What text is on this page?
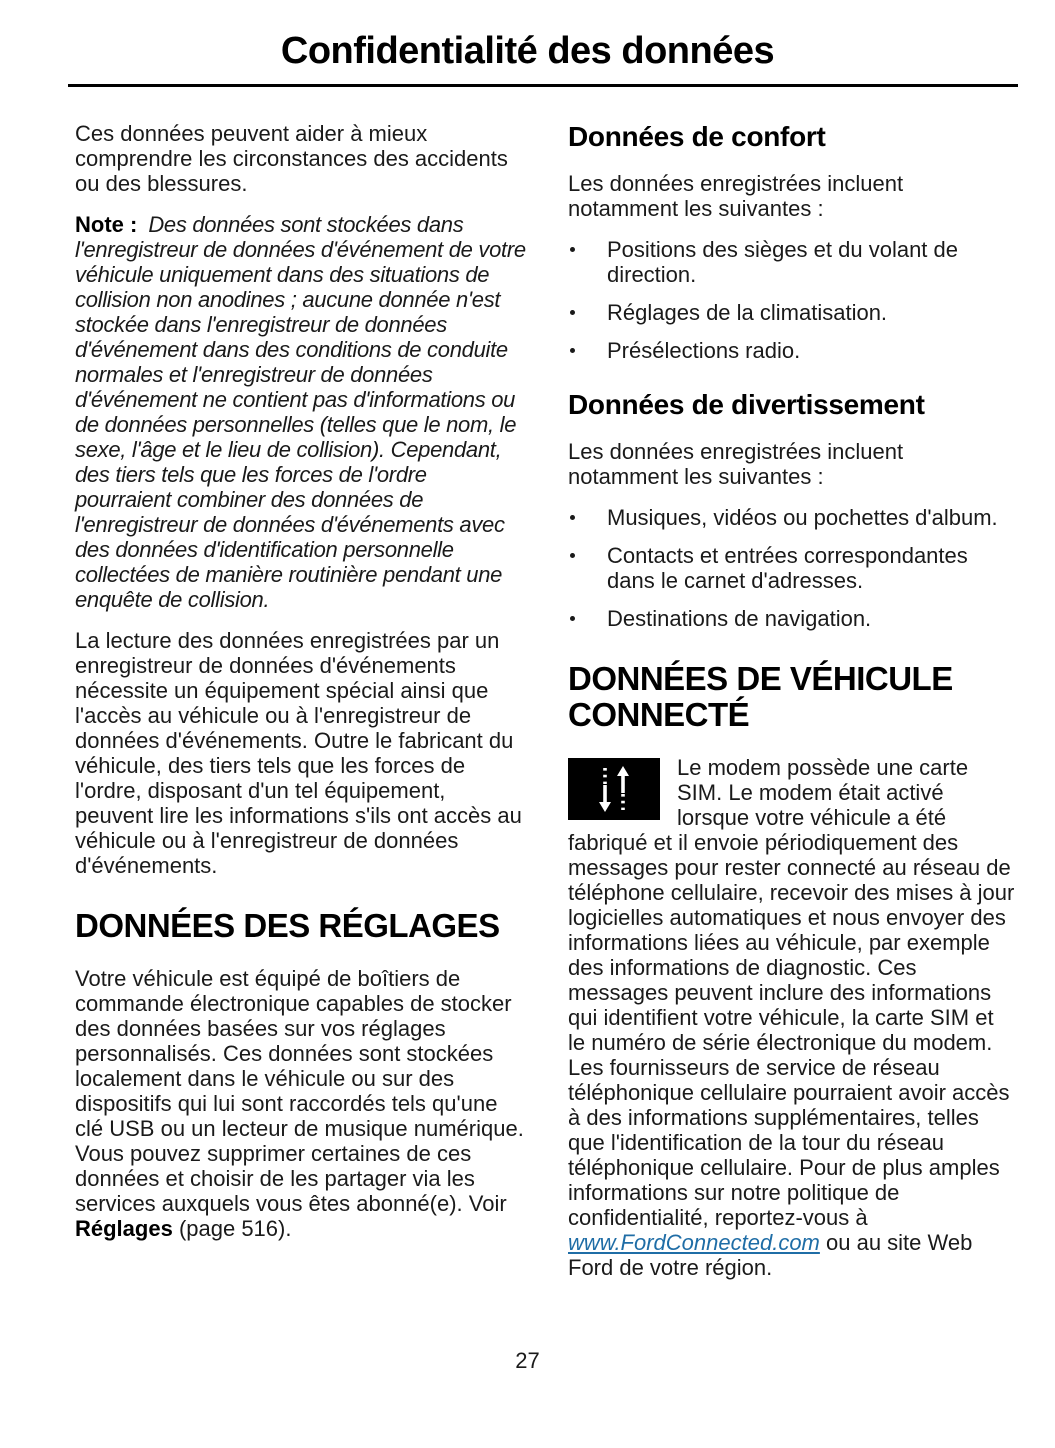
Confidentialité des données

Ces données peuvent aider à mieux comprendre les circonstances des accidents ou des blessures.

Note :  Des données sont stockées dans l'enregistreur de données d'événement de votre véhicule uniquement dans des situations de collision non anodines ; aucune donnée n'est stockée dans l'enregistreur de données d'événement dans des conditions de conduite normales et l'enregistreur de données d'événement ne contient pas d'informations ou de données personnelles (telles que le nom, le sexe, l'âge et le lieu de collision). Cependant, des tiers tels que les forces de l'ordre pourraient combiner des données de l'enregistreur de données d'événements avec des données d'identification personnelle collectées de manière routinière pendant une enquête de collision.

La lecture des données enregistrées par un enregistreur de données d'événements nécessite un équipement spécial ainsi que l'accès au véhicule ou à l'enregistreur de données d'événements. Outre le fabricant du véhicule, des tiers tels que les forces de l'ordre, disposant d'un tel équipement, peuvent lire les informations s'ils ont accès au véhicule ou à l'enregistreur de données d'événements.

DONNÉES DES RÉGLAGES

Votre véhicule est équipé de boîtiers de commande électronique capables de stocker des données basées sur vos réglages personnalisés. Ces données sont stockées localement dans le véhicule ou sur des dispositifs qui lui sont raccordés tels qu'une clé USB ou un lecteur de musique numérique. Vous pouvez supprimer certaines de ces données et choisir de les partager via les services auxquels vous êtes abonné(e). Voir Réglages (page 516).

Données de confort

Les données enregistrées incluent notamment les suivantes :

Positions des sièges et du volant de direction.
Réglages de la climatisation.
Présélections radio.
Données de divertissement

Les données enregistrées incluent notamment les suivantes :

Musiques, vidéos ou pochettes d'album.
Contacts et entrées correspondantes dans le carnet d'adresses.
Destinations de navigation.
DONNÉES DE VÉHICULE CONNECTÉ

Le modem possède une carte SIM. Le modem était activé lorsque votre véhicule a été fabriqué et il envoie périodiquement des messages pour rester connecté au réseau de téléphone cellulaire, recevoir des mises à jour logicielles automatiques et nous envoyer des informations liées au véhicule, par exemple des informations de diagnostic. Ces messages peuvent inclure des informations qui identifient votre véhicule, la carte SIM et le numéro de série électronique du modem. Les fournisseurs de service de réseau téléphonique cellulaire pourraient avoir accès à des informations supplémentaires, telles que l'identification de la tour du réseau téléphonique cellulaire. Pour de plus amples informations sur notre politique de confidentialité, reportez-vous à www.FordConnected.com ou au site Web Ford de votre région.

27
